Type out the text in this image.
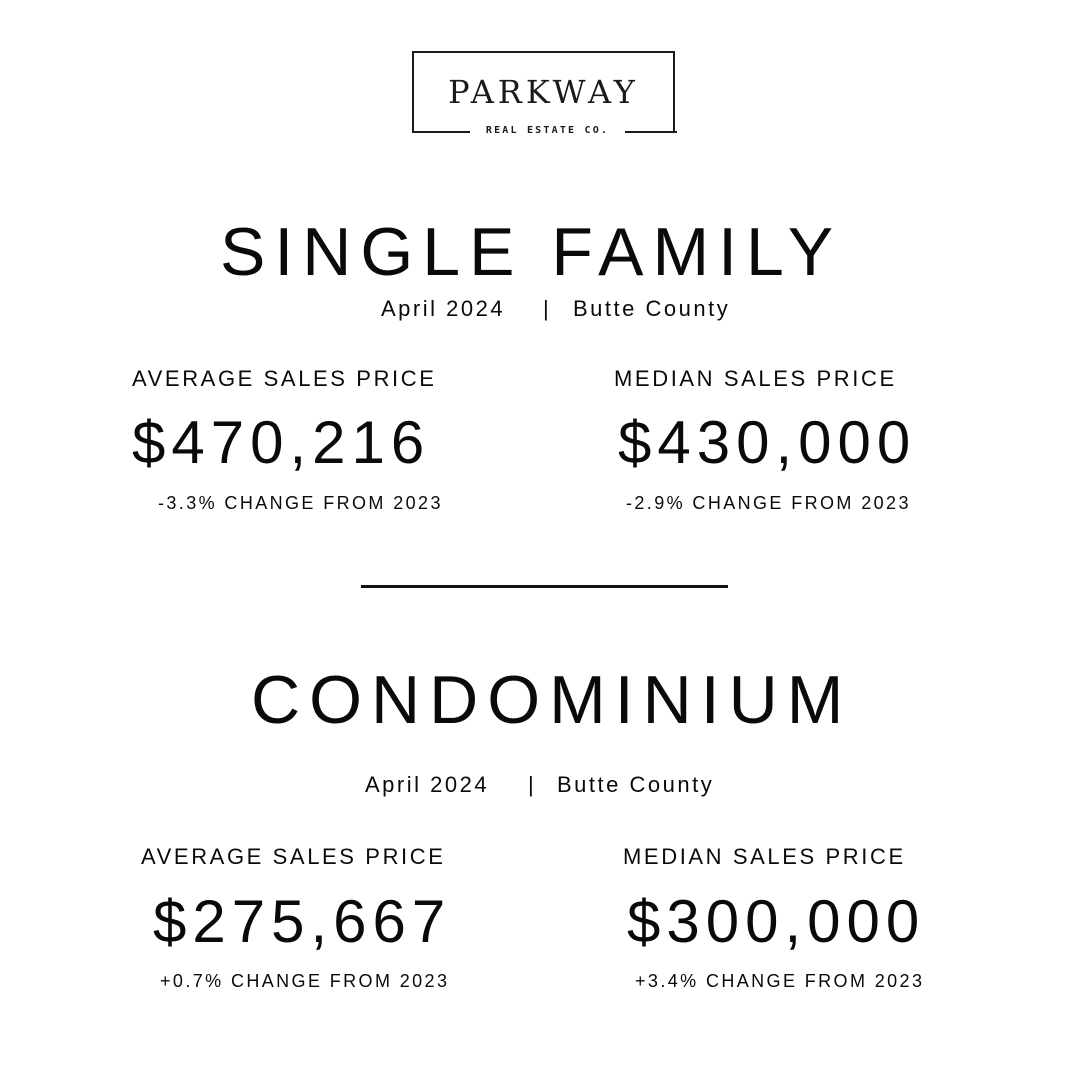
PARKWAY
REAL ESTATE CO.
SINGLE FAMILY
April 2024 | Butte County
AVERAGE SALES PRICE
$470,216
-3.3% CHANGE FROM 2023
MEDIAN SALES PRICE
$430,000
-2.9% CHANGE FROM 2023
CONDOMINIUM
April 2024 | Butte County
AVERAGE SALES PRICE
$275,667
+0.7% CHANGE FROM 2023
MEDIAN SALES PRICE
$300,000
+3.4% CHANGE FROM 2023
